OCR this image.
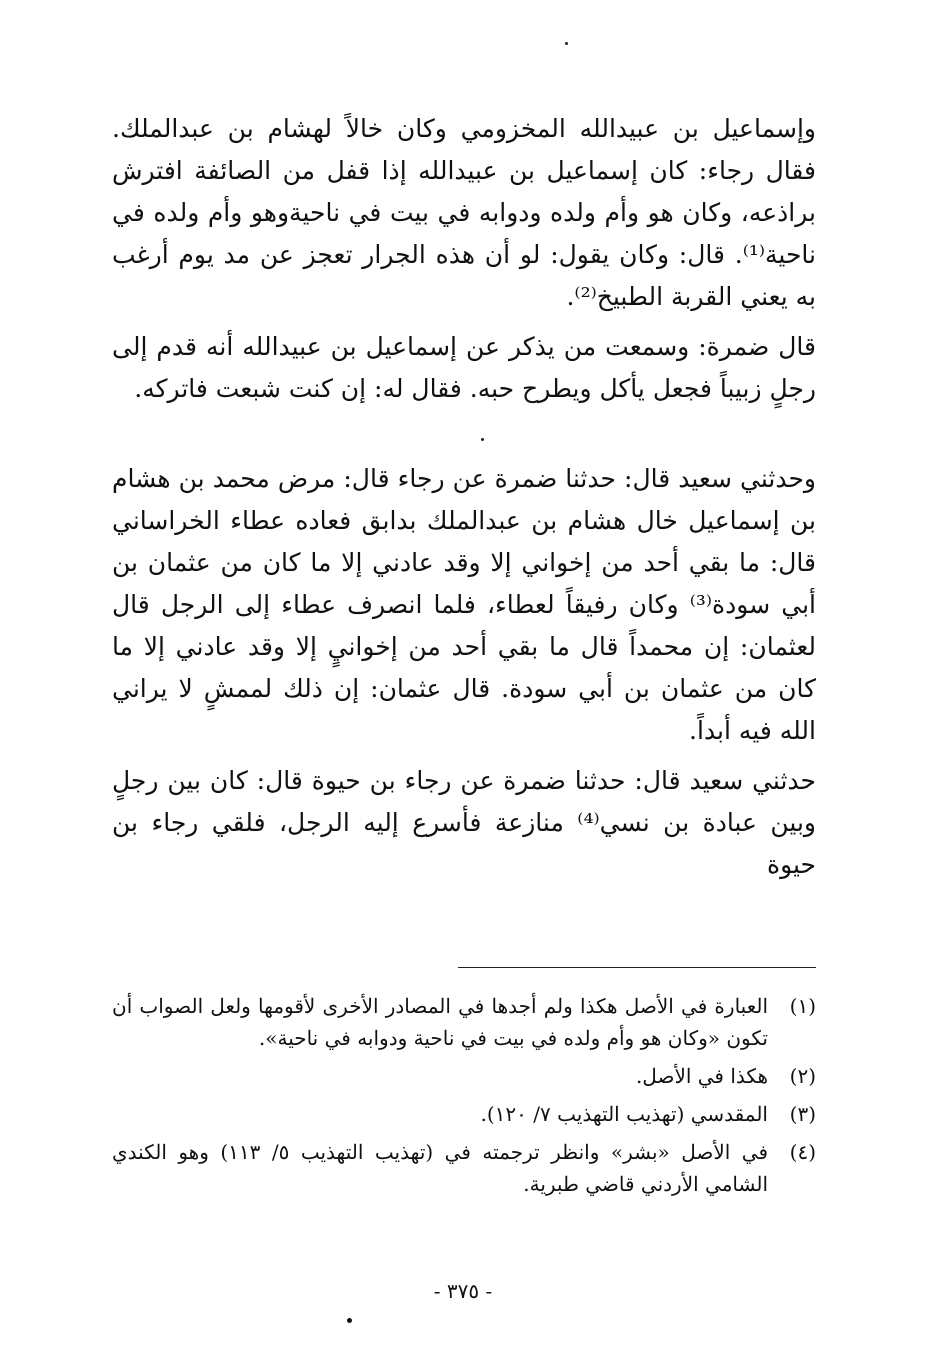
وإسماعيل بن عبيدالله المخزومي وكان خالاً لهشام بن عبدالملك. فقال رجاء: كان إسماعيل بن عبيدالله إذا قفل من الصائفة افترش براذعه، وكان هو وأم ولده ودوابه في بيت في ناحيةوهو وأم ولده في ناحية⁽¹⁾. قال: وكان يقول: لو أن هذه الجرار تعجز عن مد يوم أرغب به يعني القربة الطبيخ⁽²⁾.

قال ضمرة: وسمعت من يذكر عن إسماعيل بن عبيدالله أنه قدم إلى رجلٍ زبيباً فجعل يأكل ويطرح حبه. فقال له: إن كنت شبعت فاتركه.

وحدثني سعيد قال: حدثنا ضمرة عن رجاء قال: مرض محمد بن هشام بن إسماعيل خال هشام بن عبدالملك بدابق فعاده عطاء الخراساني قال: ما بقي أحد من إخواني إلا وقد عادني إلا ما كان من عثمان بن أبي سودة⁽³⁾ وكان رفيقاً لعطاء، فلما انصرف عطاء إلى الرجل قال لعثمان: إن محمداً قال ما بقي أحد من إخوانيٍ إلا وقد عادني إلا ما كان من عثمان بن أبي سودة. قال عثمان: إن ذلك لممشٍ لا يراني الله فيه أبداً.

حدثني سعيد قال: حدثنا ضمرة عن رجاء بن حيوة قال: كان بين رجلٍ وبين عبادة بن نسي⁽⁴⁾ منازعة فأسرع إليه الرجل، فلقي رجاء بن حيوة

(١)
العبارة في الأصل هكذا ولم أجدها في المصادر الأخرى لأقومها ولعل الصواب أن تكون «وكان هو وأم ولده في بيت في ناحية ودوابه في ناحية».
(٢)
هكذا في الأصل.
(٣)
المقدسي (تهذيب التهذيب ٧/ ١٢٠).
(٤)
في الأصل «بشر» وانظر ترجمته في (تهذيب التهذيب ٥/ ١١٣) وهو الكندي الشامي الأردني قاضي طبرية.
- ٣٧٥ -
